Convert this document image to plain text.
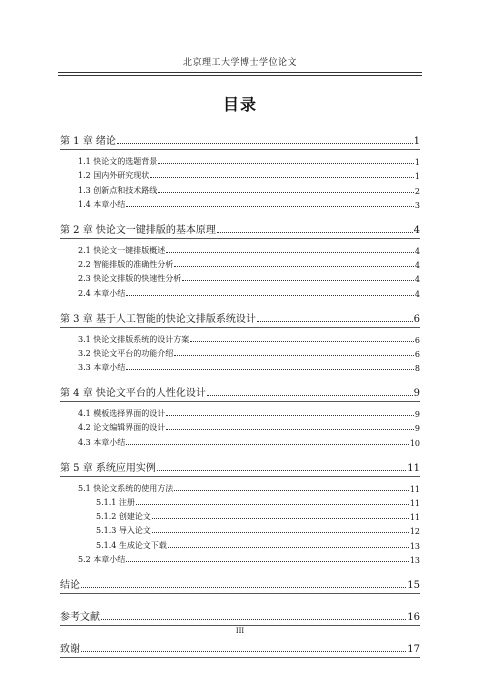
北京理工大学博士学位论文
目录
第 1 章 绪论	1
1.1 快论文的选题背景	1
1.2 国内外研究现状	1
1.3 创新点和技术路线	2
1.4 本章小结	3
第 2 章 快论文一键排版的基本原理	4
2.1 快论文一键排版概述	4
2.2 智能排版的准确性分析	4
2.3 快论文排版的快速性分析	4
2.4 本章小结	4
第 3 章 基于人工智能的快论文排版系统设计	6
3.1 快论文排版系统的设计方案	6
3.2 快论文平台的功能介绍	6
3.3 本章小结	8
第 4 章 快论文平台的人性化设计	9
4.1 模板选择界面的设计	9
4.2 论文编辑界面的设计	9
4.3 本章小结	10
第 5 章 系统应用实例	11
5.1 快论文系统的使用方法	11
5.1.1 注册	11
5.1.2 创建论文	11
5.1.3 导入论文	12
5.1.4 生成论文下载	13
5.2 本章小结	13
结论	15
参考文献	16
致谢	17
III
